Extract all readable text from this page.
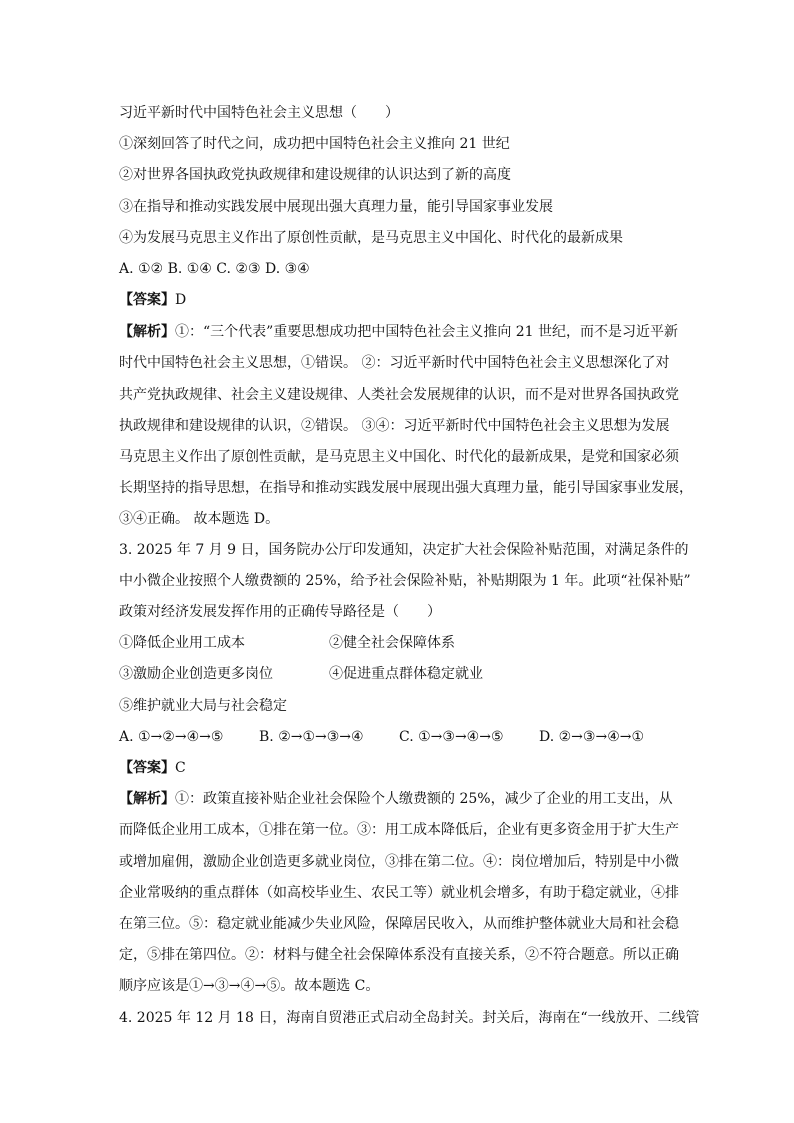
习近平新时代中国特色社会主义思想（　　）
①深刻回答了时代之问，成功把中国特色社会主义推向 21 世纪
②对世界各国执政党执政规律和建设规律的认识达到了新的高度
③在指导和推动实践发展中展现出强大真理力量，能引导国家事业发展
④为发展马克思主义作出了原创性贡献，是马克思主义中国化、时代化的最新成果
A. ①② B. ①④ C. ②③ D. ③④
【答案】D
【解析】①：“三个代表”重要思想成功把中国特色社会主义推向 21 世纪，而不是习近平新
时代中国特色社会主义思想，①错误。 ②：习近平新时代中国特色社会主义思想深化了对
共产党执政规律、社会主义建设规律、人类社会发展规律的认识，而不是对世界各国执政党
执政规律和建设规律的认识，②错误。 ③④：习近平新时代中国特色社会主义思想为发展
马克思主义作出了原创性贡献，是马克思主义中国化、时代化的最新成果，是党和国家必须
长期坚持的指导思想，在指导和推动实践发展中展现出强大真理力量，能引导国家事业发展，
③④正确。 故本题选 D。
3. 2025 年 7 月 9 日，国务院办公厅印发通知，决定扩大社会保险补贴范围，对满足条件的
中小微企业按照个人缴费额的 25%，给予社会保险补贴，补贴期限为 1 年。此项“社保补贴”
政策对经济发展发挥作用的正确传导路径是（　　）
①降低企业用工成本	②健全社会保障体系
③激励企业创造更多岗位	④促进重点群体稳定就业
⑤维护就业大局与社会稳定
A. ①→②→④→⑤	B. ②→①→③→④	C. ①→③→④→⑤	D. ②→③→④→①
【答案】C
【解析】①：政策直接补贴企业社会保险个人缴费额的 25%，减少了企业的用工支出，从
而降低企业用工成本，①排在第一位。③：用工成本降低后，企业有更多资金用于扩大生产
或增加雇佣，激励企业创造更多就业岗位，③排在第二位。④：岗位增加后，特别是中小微
企业常吸纳的重点群体（如高校毕业生、农民工等）就业机会增多，有助于稳定就业，④排
在第三位。⑤：稳定就业能减少失业风险，保障居民收入，从而维护整体就业大局和社会稳
定，⑤排在第四位。②：材料与健全社会保障体系没有直接关系，②不符合题意。所以正确
顺序应该是①→③→④→⑤。故本题选 C。
4. 2025 年 12 月 18 日，海南自贸港正式启动全岛封关。封关后，海南在“一线放开、二线管
